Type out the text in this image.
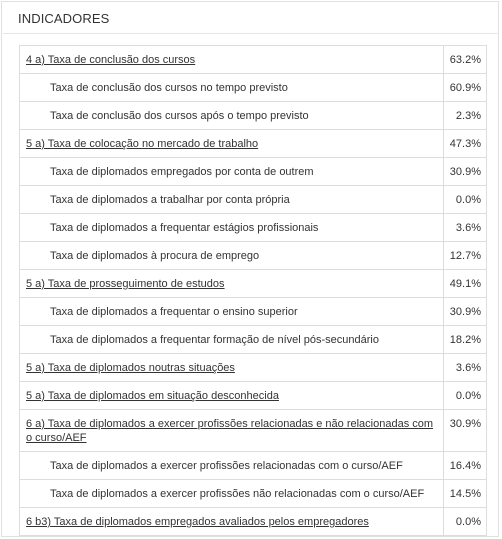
INDICADORES
4 a) Taxa de conclusão dos cursos	63.2%
Taxa de conclusão dos cursos no tempo previsto	60.9%
Taxa de conclusão dos cursos após o tempo previsto	2.3%
5 a) Taxa de colocação no mercado de trabalho	47.3%
Taxa de diplomados empregados por conta de outrem	30.9%
Taxa de diplomados a trabalhar por conta própria	0.0%
Taxa de diplomados a frequentar estágios profissionais	3.6%
Taxa de diplomados à procura de emprego	12.7%
5 a) Taxa de prosseguimento de estudos	49.1%
Taxa de diplomados a frequentar o ensino superior	30.9%
Taxa de diplomados a frequentar formação de nível pós-secundário	18.2%
5 a) Taxa de diplomados noutras situações	3.6%
5 a) Taxa de diplomados em situação desconhecida	0.0%
6 a) Taxa de diplomados a exercer profissões relacionadas e não relacionadas com o curso/AEF	30.9%
Taxa de diplomados a exercer profissões relacionadas com o curso/AEF	16.4%
Taxa de diplomados a exercer profissões não relacionadas com o curso/AEF	14.5%
6 b3) Taxa de diplomados empregados avaliados pelos empregadores	0.0%
